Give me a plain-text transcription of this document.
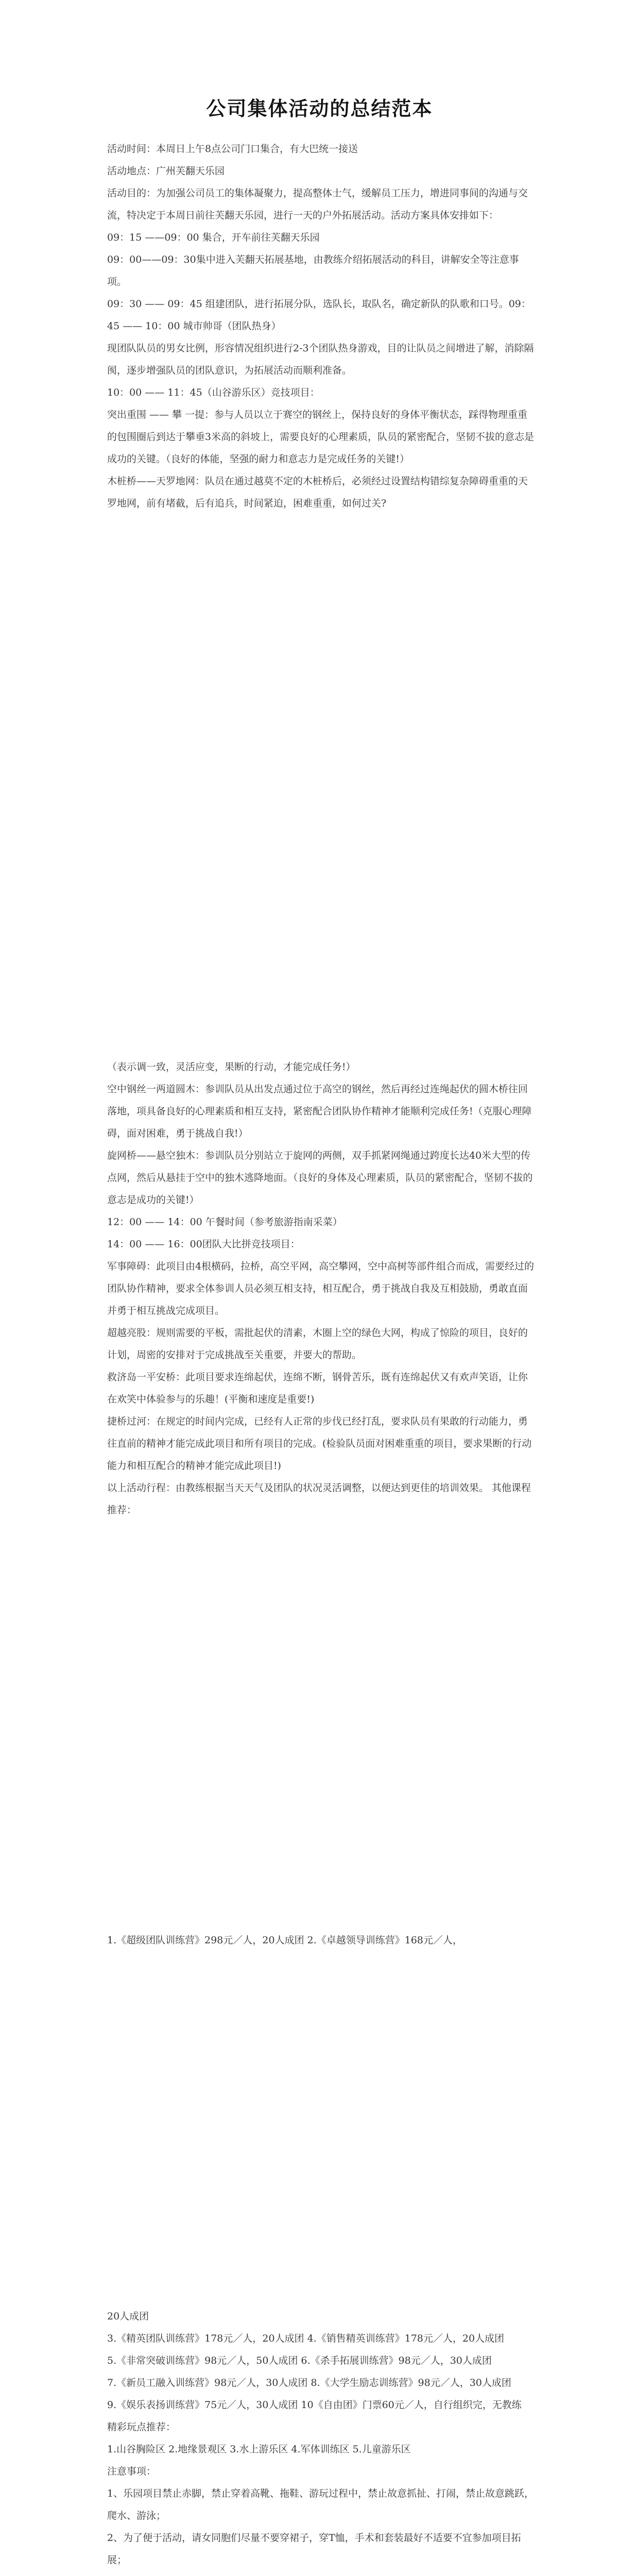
公司集体活动的总结范本

活动时间：本周日上午8点公司门口集合，有大巴统一接送

活动地点：广州芙翻天乐园

活动目的：为加强公司员工的集体凝聚力，提高整体士气，缓解员工压力，增进同事间的沟通与交流，特决定于本周日前往芙翻天乐园，进行一天的户外拓展活动。活动方案具体安排如下：

09：15 ——09：00 集合，开车前往芙翻天乐园

09：00——09：30集中进入芙翻天拓展基地，由教练介绍拓展活动的科目，讲解安全等注意事项。

09：30 —— 09：45 组建团队，进行拓展分队，选队长，取队名，确定新队的队歌和口号。09：45 —— 10：00 城市帅哥（团队热身）

现团队队员的男女比例，形容情况组织进行2-3个团队热身游戏，目的让队员之间增进了解，消除隔阂，逐步增强队员的团队意识，为拓展活动而顺利准备。

10：00 —— 11：45（山谷游乐区）竞技项目：

突出重围 —— 攀 一提：参与人员以立于赛空的钢丝上，保持良好的身体平衡状态，踩得物理重重的包围圈后到达于攀垂3米高的斜坡上，需要良好的心理素质，队员的紧密配合，坚韧不拔的意志是成功的关键。（良好的体能，坚强的耐力和意志力是完成任务的关键!）

木桩桥——天罗地网：队员在通过越莫不定的木桩桥后，必须经过设置结构错综复杂障碍重重的天罗地网，前有堵截，后有追兵，时间紧迫，困难重重，如何过关?

（表示调一致，灵活应变，果断的行动，才能完成任务!）

空中钢丝一两道圆木：参训队员从出发点通过位于高空的钢丝，然后再经过连绳起伏的圆木桥往回落地，项具备良好的心理素质和相互支持，紧密配合团队协作精神才能顺利完成任务!（克服心理障碍，面对困难，勇于挑战自我!）

旋网桥——悬空独木：参训队员分别站立于旋网的两侧，双手抓紧网绳通过跨度长达40米大型的传点网，然后从悬挂于空中的独木逃降地面。（良好的身体及心理素质，队员的紧密配合，坚韧不拔的意志是成功的关键!）

12：00 —— 14：00 午餐时间（参考旅游指南采菜）

14：00 —— 16：00团队大比拼竞技项目：

军事障碍：此项目由4根横码，拉桥，高空平网，高空攀网，空中高树等部件组合而成，需要经过的团队协作精神，要求全体参训人员必须互相支持，相互配合，勇于挑战自我及互相鼓励，勇敢直面并勇于相互挑战完成项目。

超越亮股：规则需要的平板，需批起伏的清素，木圈上空的绿色大网，构成了惊险的项目，良好的计划，周密的安排对于完成挑战至关重要，并要大的帮助。

救济岛一平安桥：此项目要求连绵起伏，连绵不断，钢骨苦乐，既有连绵起伏又有欢声笑语，让你在欢笑中体验参与的乐趣！(平衡和速度是重要!)

捷桥过河：在规定的时间内完成，已经有人正常的步伐已经打乱，要求队员有果敢的行动能力，勇往直前的精神才能完成此项目和所有项目的完成。(检验队员面对困难重重的项目，要求果断的行动能力和相互配合的精神才能完成此项目!)

以上活动行程：由教练根据当天天气及团队的状况灵活调整，以便达到更佳的培训效果。 其他课程推荐：

1.《超级团队训练营》298元／人，20人成团 2.《卓越领导训练营》168元／人，

20人成团

3.《精英团队训练营》178元／人，20人成团 4.《销售精英训练营》178元／人，20人成团

5.《非常突破训练营》98元／人，50人成团 6.《杀手拓展训练营》98元／人，30人成团

7.《新员工融入训练营》98元／人，30人成团 8.《大学生励志训练营》98元／人，30人成团

9.《娱乐表扬训练营》75元／人，30人成团 10《自由团》门票60元／人，自行组织完，无教练

精彩玩点推荐：

1.山谷胸险区 2.地缘景观区 3.水上游乐区 4.军体训练区 5.儿童游乐区

注意事项：

1、乐园项目禁止赤脚，禁止穿着高靴、拖鞋、游玩过程中，禁止故意抓扯、打闹，禁止故意跳跃，爬水、游泳；

2、为了便于活动，请女同胞们尽量不要穿裙子，穿T恤，手术和套装最好不适要不宜参加项目拓展；
